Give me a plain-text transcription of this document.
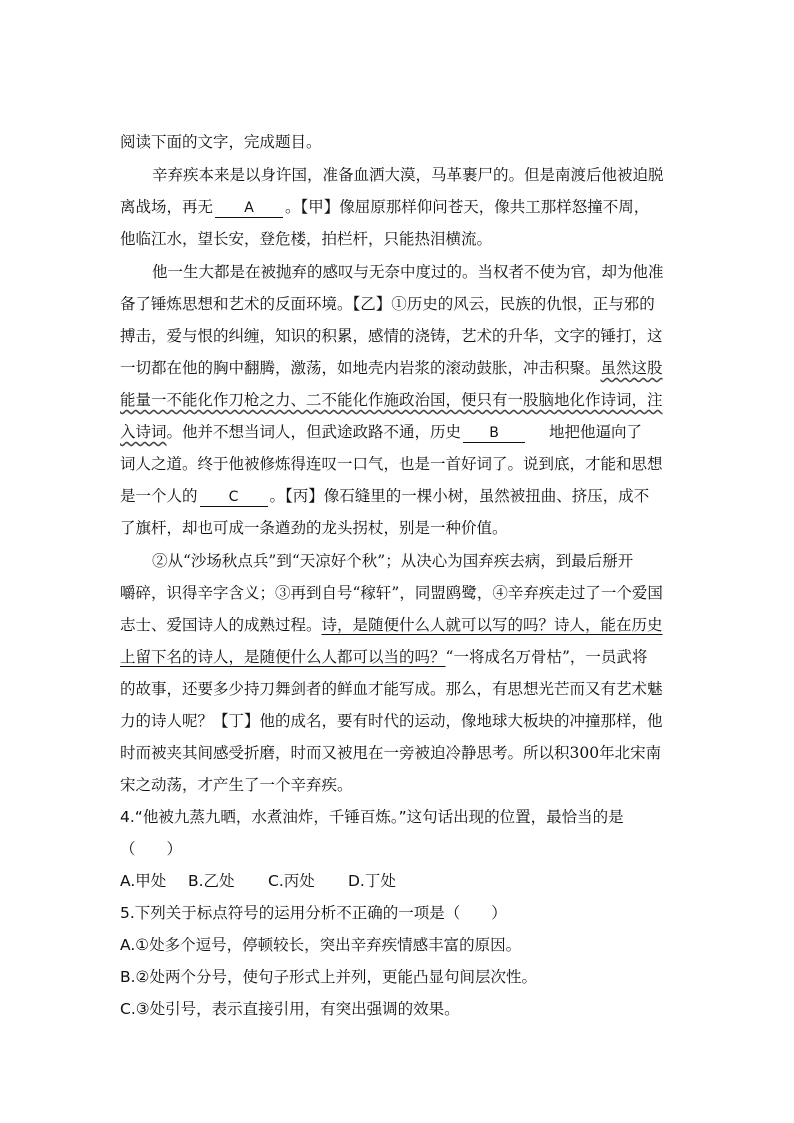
阅读下面的文字，完成题目。
辛弃疾本来是以身许国，准备血洒大漠，马革裹尸的。但是南渡后他被迫脱
离战场，再无 A 。【甲】像屈原那样仰问苍天，像共工那样怒撞不周，
他临江水，望长安，登危楼，拍栏杆，只能热泪横流。
他一生大都是在被抛弃的感叹与无奈中度过的。当权者不使为官，却为他准
备了锤炼思想和艺术的反面环境。【乙】①历史的风云，民族的仇恨，正与邪的
搏击，爱与恨的纠缠，知识的积累，感情的浇铸，艺术的升华，文字的锤打，这
一切都在他的胸中翻腾，激荡，如地壳内岩浆的滚动鼓胀，冲击积聚。虽然这股
能量一不能化作刀枪之力、二不能化作施政治国，便只有一股脑地化作诗词，注
入诗词。他并不想当词人，但武途政路不通，历史 B	地把他逼向了
词人之道。终于他被修炼得连叹一口气，也是一首好词了。说到底，才能和思想
是一个人的 C 。【丙】像石缝里的一棵小树，虽然被扭曲、挤压，成不
了旗杆，却也可成一条遒劲的龙头拐杖，别是一种价值。
②从“沙场秋点兵”到“天凉好个秋”；从决心为国弃疾去病，到最后掰开
嚼碎，识得辛字含义；③再到自号“稼轩”，同盟鸥鹭，④辛弃疾走过了一个爱国
志士、爱国诗人的成熟过程。诗，是随便什么人就可以写的吗？诗人，能在历史
上留下名的诗人，是随便什么人都可以当的吗？“一将成名万骨枯”，一员武将
的故事，还要多少持刀舞剑者的鲜血才能写成。那么，有思想光芒而又有艺术魅
力的诗人呢？【丁】他的成名，要有时代的运动，像地球大板块的冲撞那样，他
时而被夹其间感受折磨，时而又被甩在一旁被迫冷静思考。所以积300年北宋南
宋之动荡，才产生了一个辛弃疾。
4.“他被九蒸九晒，水煮油炸，千锤百炼。”这句话出现的位置，最恰当的是
（　　）
A.甲处 B.乙处 C.丙处 D.丁处
5.下列关于标点符号的运用分析不正确的一项是（　　）
A.①处多个逗号，停顿较长，突出辛弃疾情感丰富的原因。
B.②处两个分号，使句子形式上并列，更能凸显句间层次性。
C.③处引号，表示直接引用，有突出强调的效果。
